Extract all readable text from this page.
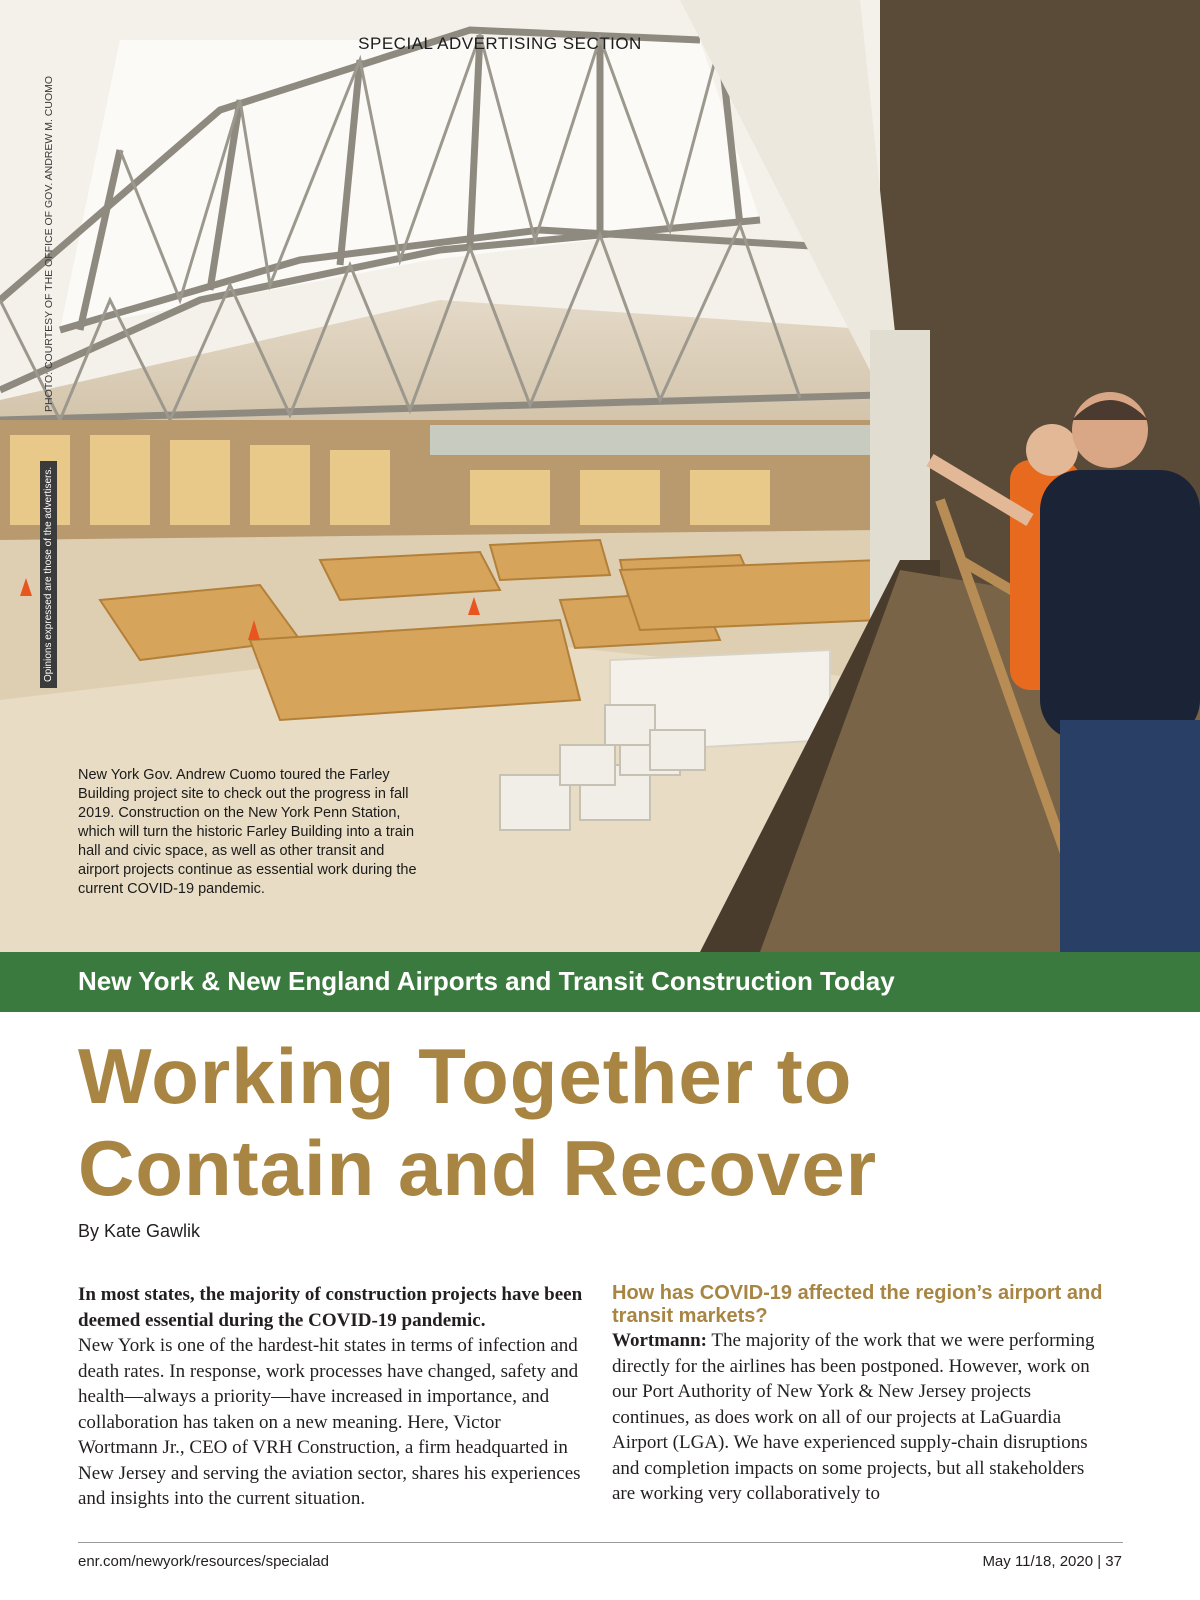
SPECIAL ADVERTISING SECTION
PHOTO: COURTESY OF THE OFFICE OF GOV. ANDREW M. CUOMO
Opinions expressed are those of the advertisers.
New York Gov. Andrew Cuomo toured the Farley Building project site to check out the progress in fall 2019. Construction on the New York Penn Station, which will turn the historic Farley Building into a train hall and civic space, as well as other transit and airport projects continue as essential work during the current COVID-19 pandemic.
New York & New England Airports and Transit Construction Today
Working Together to
Contain and Recover
By Kate Gawlik

In most states, the majority of construction projects have been deemed essential during the COVID-19 pandemic.

New York is one of the hardest-hit states in terms of infection and death rates. In response, work processes have changed, safety and health—always a priority—have increased in importance, and collaboration has taken on a new meaning. Here, Victor Wortmann Jr., CEO of VRH Construction, a firm headquarted in New Jersey and serving the aviation sector, shares his experiences and insights into the current situation.

How has COVID-19 affected the region’s airport and transit markets?

Wortmann: The majority of the work that we were performing directly for the airlines has been postponed. However, work on our Port Authority of New York & New Jersey projects continues, as does work on all of our projects at LaGuardia Airport (LGA). We have experienced supply-chain disruptions and completion impacts on some projects, but all stakeholders are working very collaboratively to

enr.com/newyork/resources/specialad	May 11/18, 2020 | 37
